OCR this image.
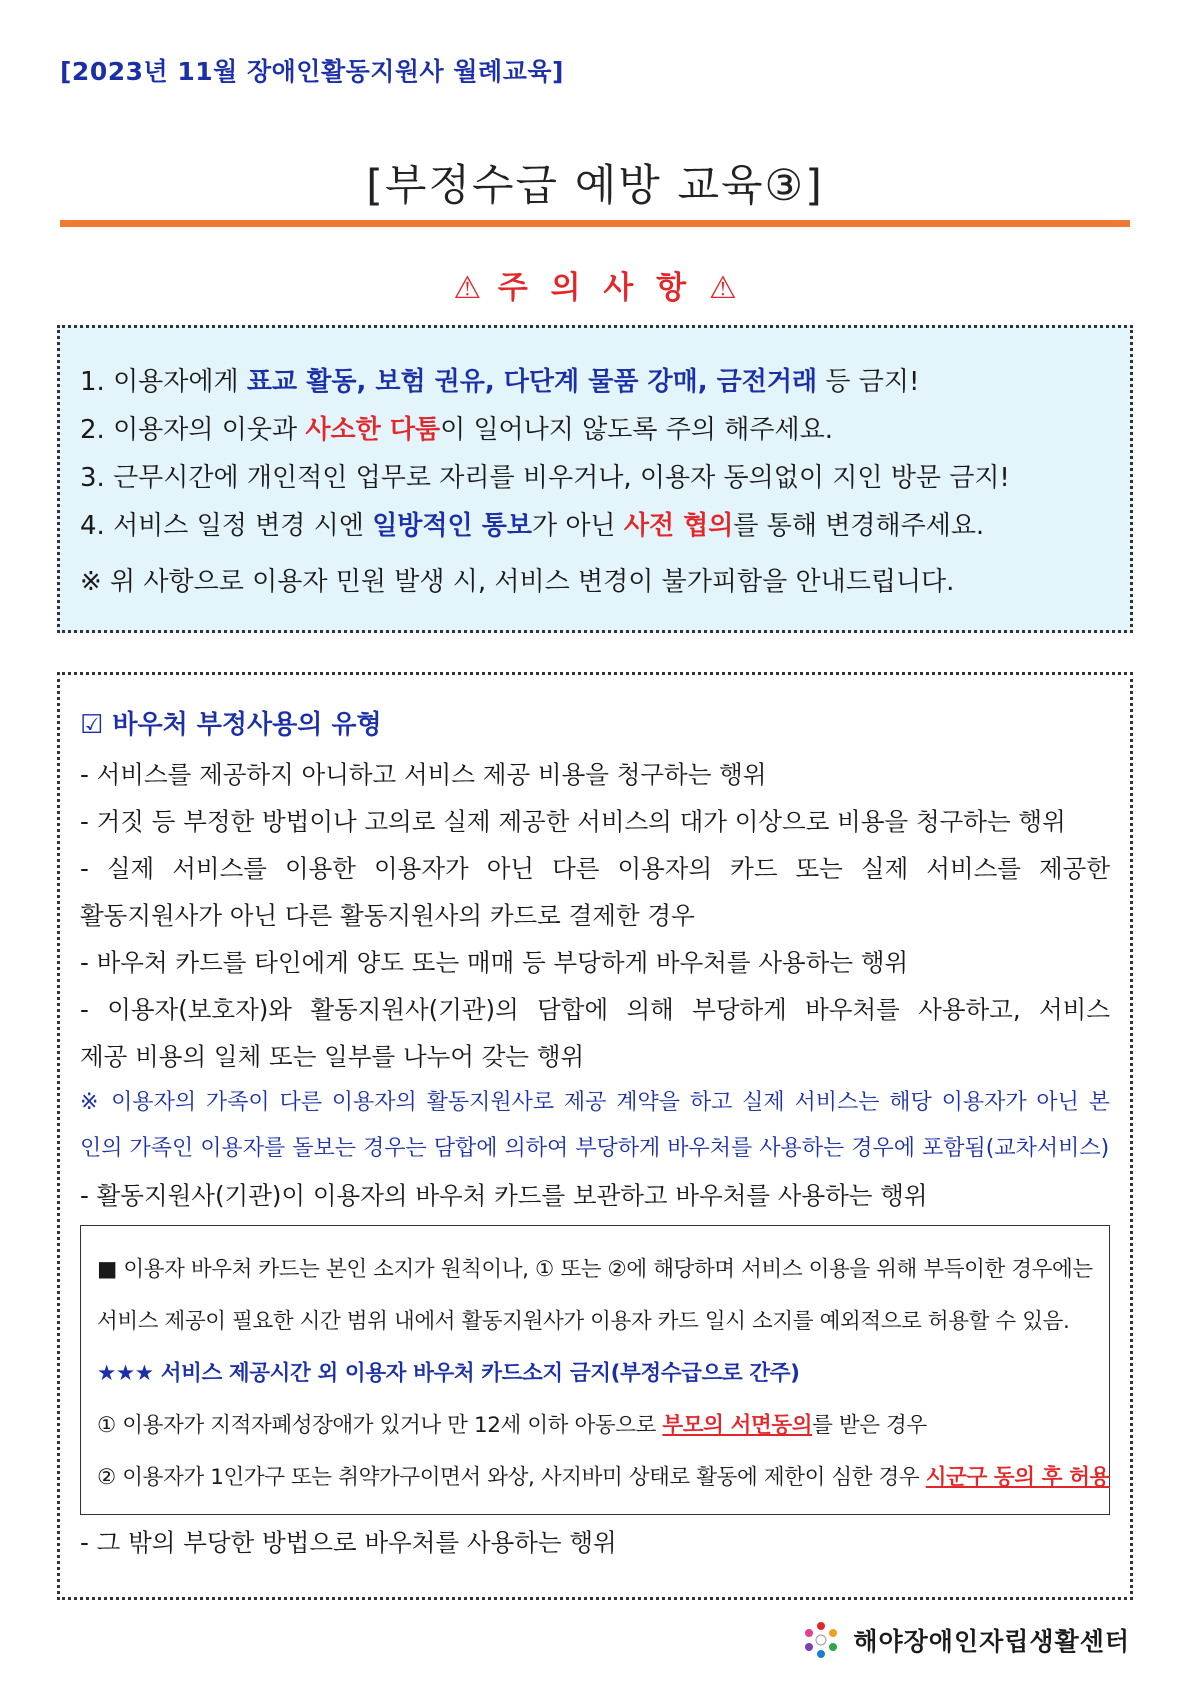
[2023년 11월 장애인활동지원사 월례교육]
[부정수급 예방 교육③]
⚠ 주 의 사 항 ⚠
1. 이용자에게 표교 활동, 보험 권유, 다단계 물품 강매, 금전거래 등 금지!
2. 이용자의 이웃과 사소한 다툼이 일어나지 않도록 주의 해주세요.
3. 근무시간에 개인적인 업무로 자리를 비우거나, 이용자 동의없이 지인 방문 금지!
4. 서비스 일정 변경 시엔 일방적인 통보가 아닌 사전 협의를 통해 변경해주세요.
※ 위 사항으로 이용자 민원 발생 시, 서비스 변경이 불가피함을 안내드립니다.
☑ 바우처 부정사용의 유형
- 서비스를 제공하지 아니하고 서비스 제공 비용을 청구하는 행위
- 거짓 등 부정한 방법이나 고의로 실제 제공한 서비스의 대가 이상으로 비용을 청구하는 행위
- 실제 서비스를 이용한 이용자가 아닌 다른 이용자의 카드 또는 실제 서비스를 제공한
활동지원사가 아닌 다른 활동지원사의 카드로 결제한 경우
- 바우처 카드를 타인에게 양도 또는 매매 등 부당하게 바우처를 사용하는 행위
- 이용자(보호자)와 활동지원사(기관)의 담합에 의해 부당하게 바우처를 사용하고, 서비스
제공 비용의 일체 또는 일부를 나누어 갖는 행위
※ 이용자의 가족이 다른 이용자의 활동지원사로 제공 계약을 하고 실제 서비스는 해당 이용자가 아닌 본
인의 가족인 이용자를 돌보는 경우는 담합에 의하여 부당하게 바우처를 사용하는 경우에 포함됨(교차서비스)
- 활동지원사(기관)이 이용자의 바우처 카드를 보관하고 바우처를 사용하는 행위
■ 이용자 바우처 카드는 본인 소지가 원칙이나, ① 또는 ②에 해당하며 서비스 이용을 위해 부득이한 경우에는
서비스 제공이 필요한 시간 범위 내에서 활동지원사가 이용자 카드 일시 소지를 예외적으로 허용할 수 있음.
★★★ 서비스 제공시간 외 이용자 바우처 카드소지 금지(부정수급으로 간주)
① 이용자가 지적자폐성장애가 있거나 만 12세 이하 아동으로 부모의 서면동의를 받은 경우
② 이용자가 1인가구 또는 취약가구이면서 와상, 사지바미 상태로 활동에 제한이 심한 경우 시군구 동의 후 허용
- 그 밖의 부당한 방법으로 바우처를 사용하는 행위
해야장애인자립생활센터
